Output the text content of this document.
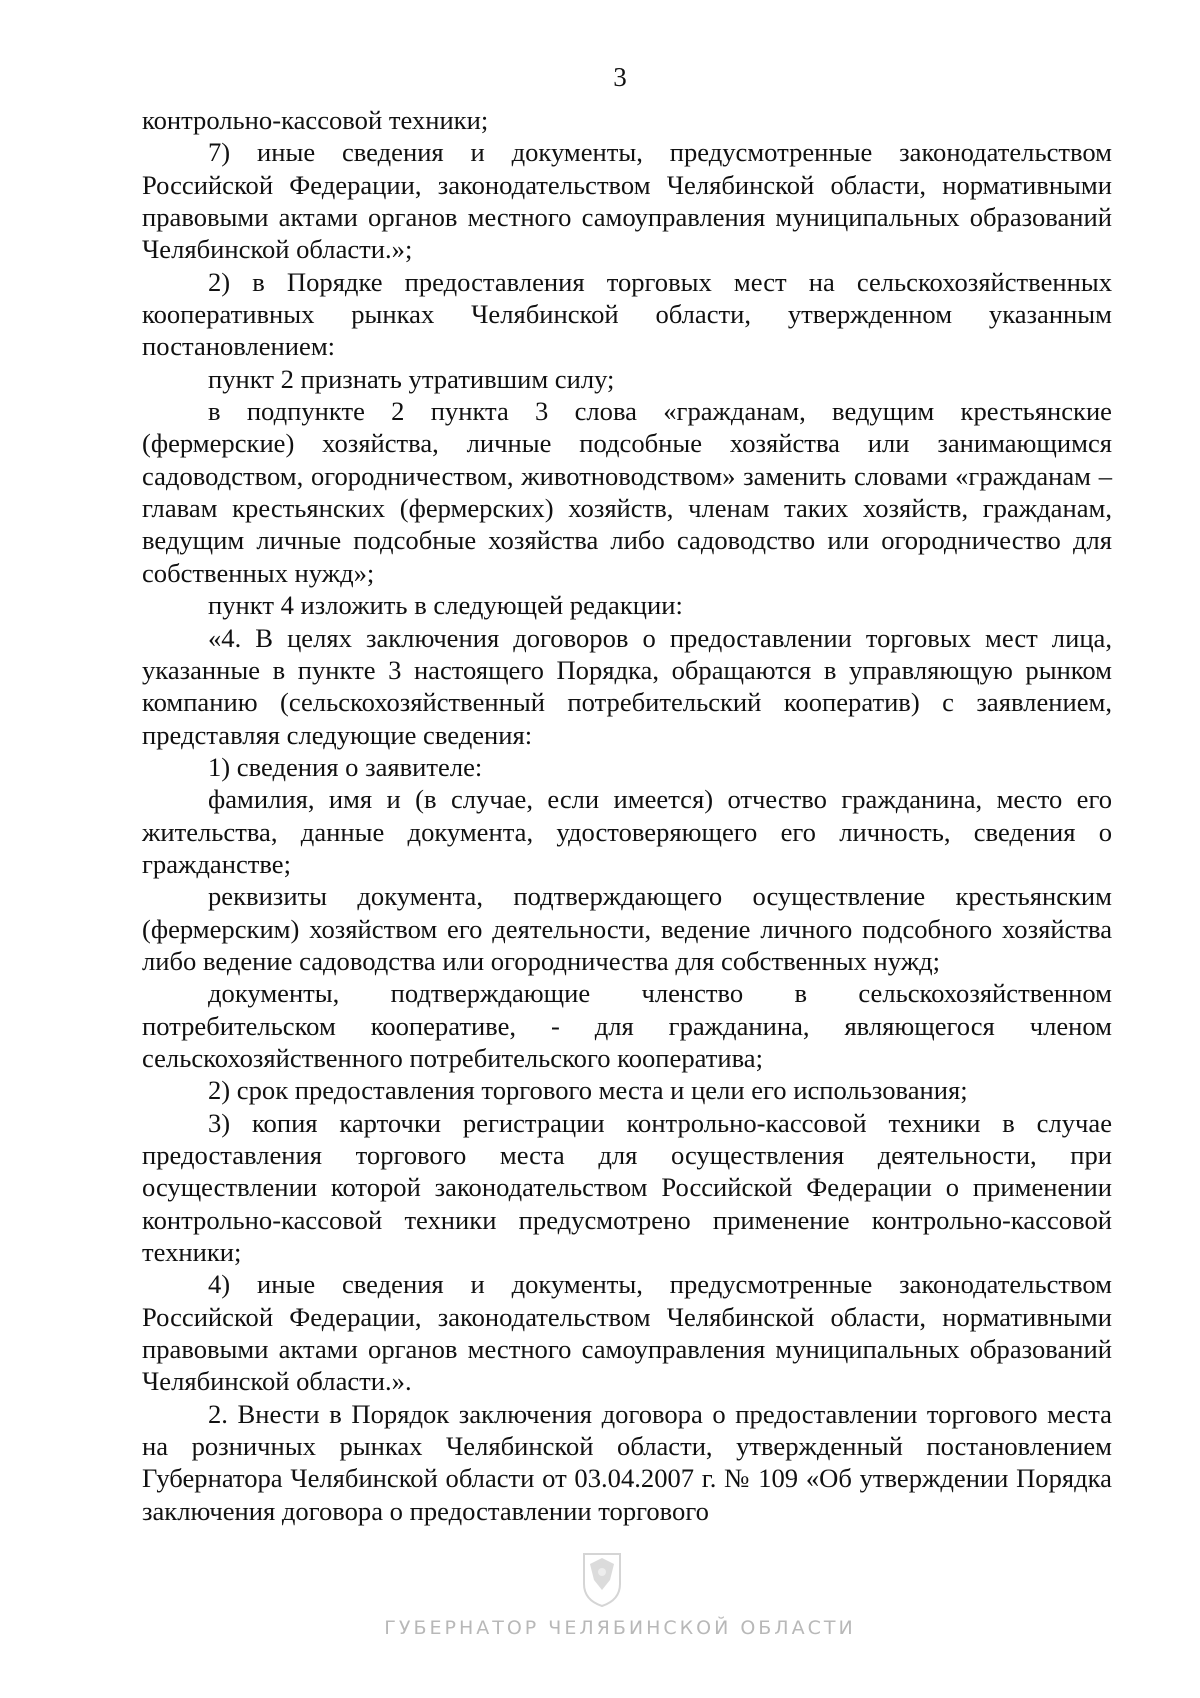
3

контрольно-кассовой техники;

7) иные сведения и документы, предусмотренные законодательством Российской Федерации, законодательством Челябинской области, нормативными правовыми актами органов местного самоуправления муниципальных образований Челябинской области.»;

2) в Порядке предоставления торговых мест на сельскохозяйственных кооперативных рынках Челябинской области, утвержденном указанным постановлением:

пункт 2 признать утратившим силу;

в подпункте 2 пункта 3 слова «гражданам, ведущим крестьянские (фермерские) хозяйства, личные подсобные хозяйства или занимающимся садоводством, огородничеством, животноводством» заменить словами «гражданам – главам крестьянских (фермерских) хозяйств, членам таких хозяйств, гражданам, ведущим личные подсобные хозяйства либо садоводство или огородничество для собственных нужд»;

пункт 4 изложить в следующей редакции:

«4. В целях заключения договоров о предоставлении торговых мест лица, указанные в пункте 3 настоящего Порядка, обращаются в управляющую рынком компанию (сельскохозяйственный потребительский кооператив) с заявлением, представляя следующие сведения:

1) сведения о заявителе:

фамилия, имя и (в случае, если имеется) отчество гражданина, место его жительства, данные документа, удостоверяющего его личность, сведения о гражданстве;

реквизиты документа, подтверждающего осуществление крестьянским (фермерским) хозяйством его деятельности, ведение личного подсобного хозяйства либо ведение садоводства или огородничества для собственных нужд;

документы, подтверждающие членство в сельскохозяйственном потребительском кооперативе, - для гражданина, являющегося членом сельскохозяйственного потребительского кооператива;

2) срок предоставления торгового места и цели его использования;

3) копия карточки регистрации контрольно-кассовой техники в случае предоставления торгового места для осуществления деятельности, при осуществлении которой законодательством Российской Федерации о применении контрольно-кассовой техники предусмотрено применение контрольно-кассовой техники;

4) иные сведения и документы, предусмотренные законодательством Российской Федерации, законодательством Челябинской области, нормативными правовыми актами органов местного самоуправления муниципальных образований Челябинской области.».

2. Внести в Порядок заключения договора о предоставлении торгового места на розничных рынках Челябинской области, утвержденный постановлением Губернатора Челябинской области от 03.04.2007 г. № 109 «Об утверждении Порядка заключения договора о предоставлении торгового

ГУБЕРНАТОР ЧЕЛЯБИНСКОЙ ОБЛАСТИ
